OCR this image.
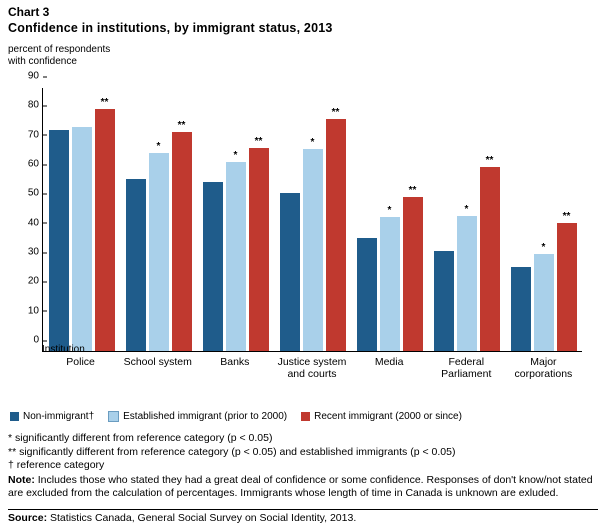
Chart 3
Confidence in institutions, by immigrant status, 2013
percent of respondents with confidence
0
10
20
30
40
50
60
70
80
90
**
*
**
*
**	*
**
*
**
*
**
*
**
Institution
Police	School system	Banks	Justice system
and courts
Media	Federal
Parliament
Major
corporations
Non-immigrant†	Established immigrant (prior to 2000)	Recent immigrant (2000 or since)
* significantly different from reference category (p < 0.05)
** significantly different from reference category (p < 0.05) and established immigrants (p < 0.05)
† reference category
Note: Includes those who stated they had a great deal of confidence or some confidence. Responses of don't know/not stated are excluded from the calculation of percentages. Immigrants whose length of time in Canada is unknown are exluded.
Source: Statistics Canada, General Social Survey on Social Identity, 2013.
